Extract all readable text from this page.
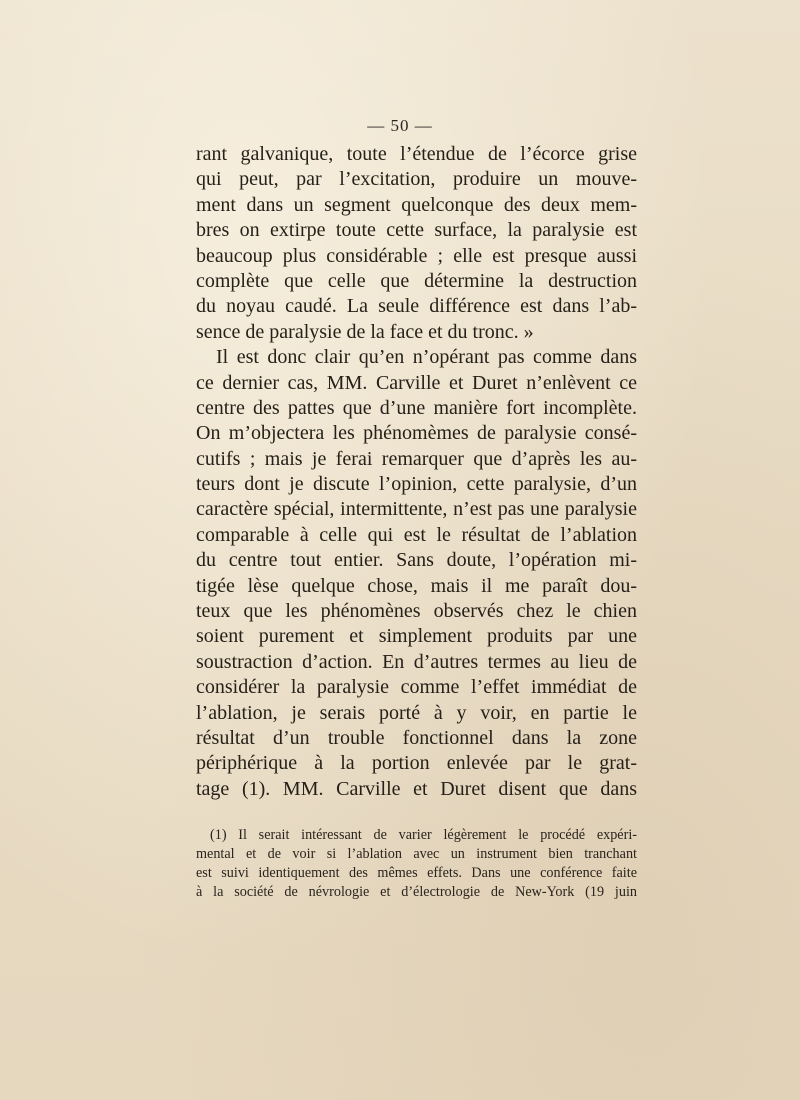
— 50 —
rant galvanique, toute l’étendue de l’écorce grise
qui peut, par l’excitation, produire un mouve-
ment dans un segment quelconque des deux mem-
bres on extirpe toute cette surface, la paralysie est
beaucoup plus considérable ; elle est presque aussi
complète que celle que détermine la destruction
du noyau caudé. La seule différence est dans l’ab-
sence de paralysie de la face et du tronc. »
Il est donc clair qu’en n’opérant pas comme dans
ce dernier cas, MM. Carville et Duret n’enlèvent ce
centre des pattes que d’une manière fort incomplète.
On m’objectera les phénomèmes de paralysie consé-
cutifs ; mais je ferai remarquer que d’après les au-
teurs dont je discute l’opinion, cette paralysie, d’un
caractère spécial, intermittente, n’est pas une paralysie
comparable à celle qui est le résultat de l’ablation
du centre tout entier. Sans doute, l’opération mi-
tigée lèse quelque chose, mais il me paraît dou-
teux que les phénomènes observés chez le chien
soient purement et simplement produits par une
soustraction d’action. En d’autres termes au lieu de
considérer la paralysie comme l’effet immédiat de
l’ablation, je serais porté à y voir, en partie le
résultat d’un trouble fonctionnel dans la zone
périphérique à la portion enlevée par le grat-
tage (1). MM. Carville et Duret disent que dans
(1) Il serait intéressant de varier légèrement le procédé expéri-
mental et de voir si l’ablation avec un instrument bien tranchant
est suivi identiquement des mêmes effets. Dans une conférence faite
à la société de névrologie et d’électrologie de New-York (19 juin
